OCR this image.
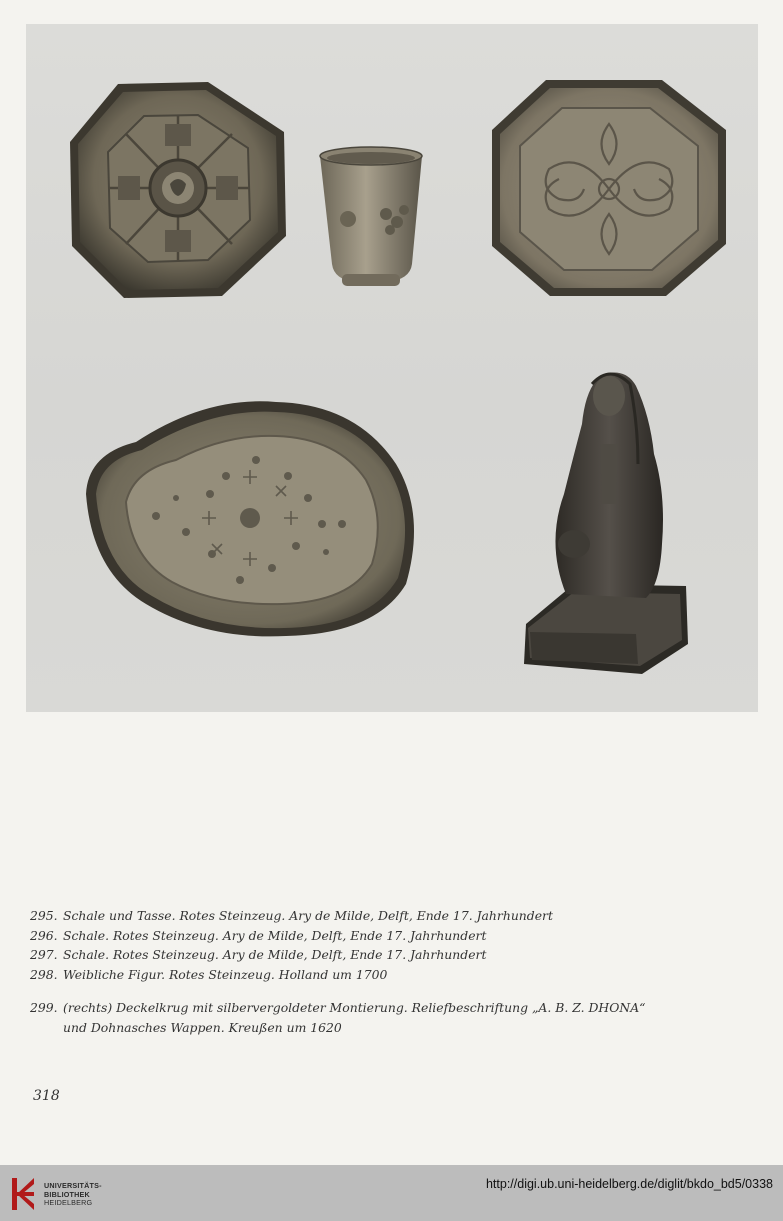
295. Schale und Tasse. Rotes Steinzeug. Ary de Milde, Delft, Ende 17. Jahrhundert
296. Schale. Rotes Steinzeug. Ary de Milde, Delft, Ende 17. Jahrhundert
297. Schale. Rotes Steinzeug. Ary de Milde, Delft, Ende 17. Jahrhundert
298. Weibliche Figur. Rotes Steinzeug. Holland um 1700
299. (rechts) Deckelkrug mit silbervergoldeter Montierung. Reliefbeschriftung „A. B. Z. DHONA“
und Dohnasches Wappen. Kreußen um 1620
318
UNIVERSITÄTS-
BIBLIOTHEK
HEIDELBERG
http://digi.ub.uni-heidelberg.de/diglit/bkdo_bd5/0338
